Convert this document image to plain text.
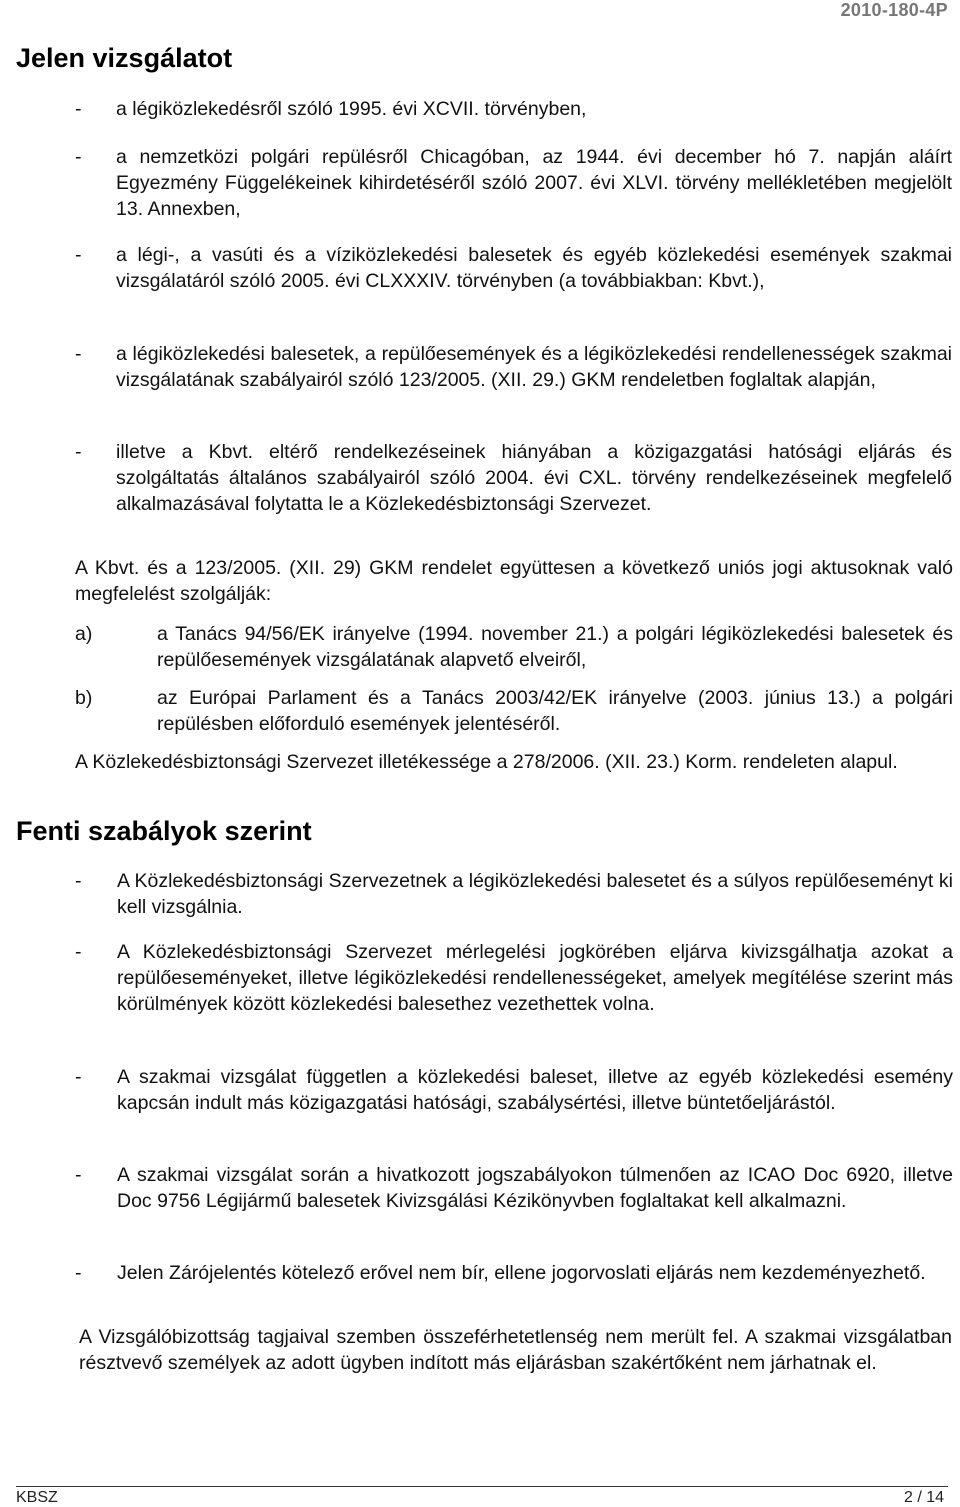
2010-180-4P
Jelen vizsgálatot
- a légiközlekedésről szóló 1995. évi XCVII. törvényben,
- a nemzetközi polgári repülésről Chicagóban, az 1944. évi december hó 7. napján aláírt Egyezmény Függelékeinek kihirdetéséről szóló 2007. évi XLVI. törvény mellékletében megjelölt 13. Annexben,
- a légi-, a vasúti és a víziközlekedési balesetek és egyéb közlekedési események szakmai vizsgálatáról szóló 2005. évi CLXXXIV. törvényben (a továbbiakban: Kbvt.),
- a légiközlekedési balesetek, a repülőesemények és a légiközlekedési rendellenességek szakmai vizsgálatának szabályairól szóló 123/2005. (XII. 29.) GKM rendeletben foglaltak alapján,
- illetve a Kbvt. eltérő rendelkezéseinek hiányában a közigazgatási hatósági eljárás és szolgáltatás általános szabályairól szóló 2004. évi CXL. törvény rendelkezéseinek megfelelő alkalmazásával folytatta le a Közlekedésbiztonsági Szervezet.
A Kbvt. és a 123/2005. (XII. 29) GKM rendelet együttesen a következő uniós jogi aktusoknak való megfelelést szolgálják:
a)	a Tanács 94/56/EK irányelve (1994. november 21.) a polgári légiközlekedési balesetek és repülőesemények vizsgálatának alapvető elveiről,
b)	az Európai Parlament és a Tanács 2003/42/EK irányelve (2003. június 13.) a polgári repülésben előforduló események jelentéséről.
A Közlekedésbiztonsági Szervezet illetékessége a 278/2006. (XII. 23.) Korm. rendeleten alapul.
Fenti szabályok szerint
- A Közlekedésbiztonsági Szervezetnek a légiközlekedési balesetet és a súlyos repülőeseményt ki kell vizsgálnia.
- A Közlekedésbiztonsági Szervezet mérlegelési jogkörében eljárva kivizsgálhatja azokat a repülőeseményeket, illetve légiközlekedési rendellenességeket, amelyek megítélése szerint más körülmények között közlekedési balesethez vezethettek volna.
- A szakmai vizsgálat független a közlekedési baleset, illetve az egyéb közlekedési esemény kapcsán indult más közigazgatási hatósági, szabálysértési, illetve büntetőeljárástól.
- A szakmai vizsgálat során a hivatkozott jogszabályokon túlmenően az ICAO Doc 6920, illetve Doc 9756 Légijármű balesetek Kivizsgálási Kézikönyvben foglaltakat kell alkalmazni.
- Jelen Zárójelentés kötelező erővel nem bír, ellene jogorvoslati eljárás nem kezdeményezhető.
A Vizsgálóbizottság tagjaival szemben összeférhetetlenség nem merült fel. A szakmai vizsgálatban résztvevő személyek az adott ügyben indított más eljárásban szakértőként nem járhatnak el.
KBSZ	2 / 14
